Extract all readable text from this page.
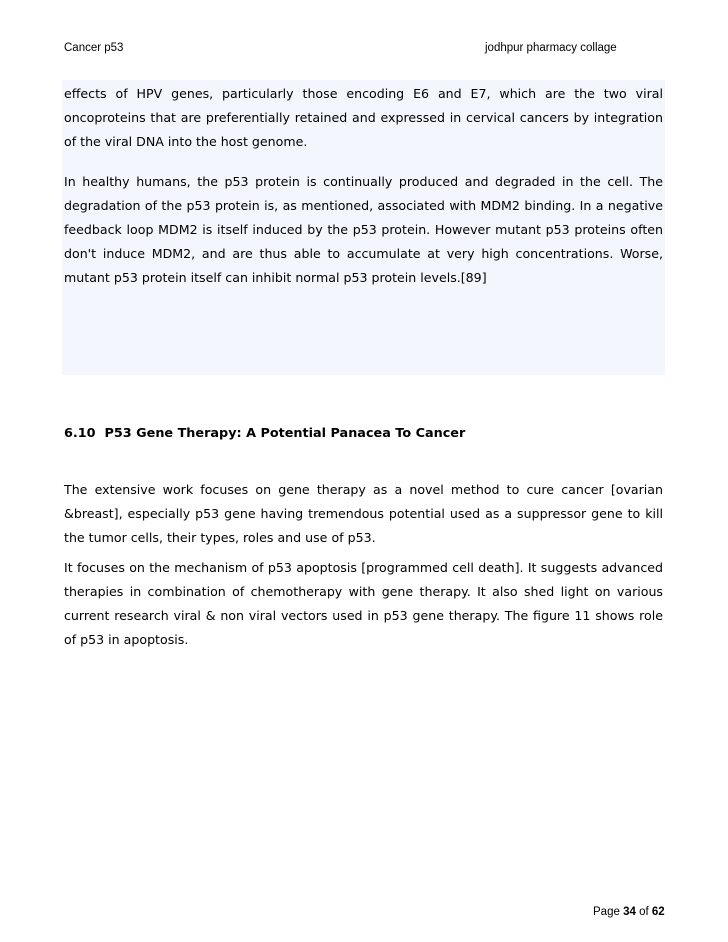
Cancer p53	jodhpur pharmacy collage

effects of HPV genes, particularly those encoding E6 and E7, which are the two viral oncoproteins that are preferentially retained and expressed in cervical cancers by integration of the viral DNA into the host genome.

In healthy humans, the p53 protein is continually produced and degraded in the cell. The degradation of the p53 protein is, as mentioned, associated with MDM2 binding. In a negative feedback loop MDM2 is itself induced by the p53 protein. However mutant p53 proteins often don't induce MDM2, and are thus able to accumulate at very high concentrations. Worse, mutant p53 protein itself can inhibit normal p53 protein levels.[89]

6.10 P53 Gene Therapy: A Potential Panacea To Cancer

The extensive work focuses on gene therapy as a novel method to cure cancer [ovarian &breast], especially p53 gene having tremendous potential used as a suppressor gene to kill the tumor cells, their types, roles and use of p53.

It focuses on the mechanism of p53 apoptosis [programmed cell death]. It suggests advanced therapies in combination of chemotherapy with gene therapy. It also shed light on various current research viral & non viral vectors used in p53 gene therapy. The figure 11 shows role of p53 in apoptosis.

Page 34 of 62
